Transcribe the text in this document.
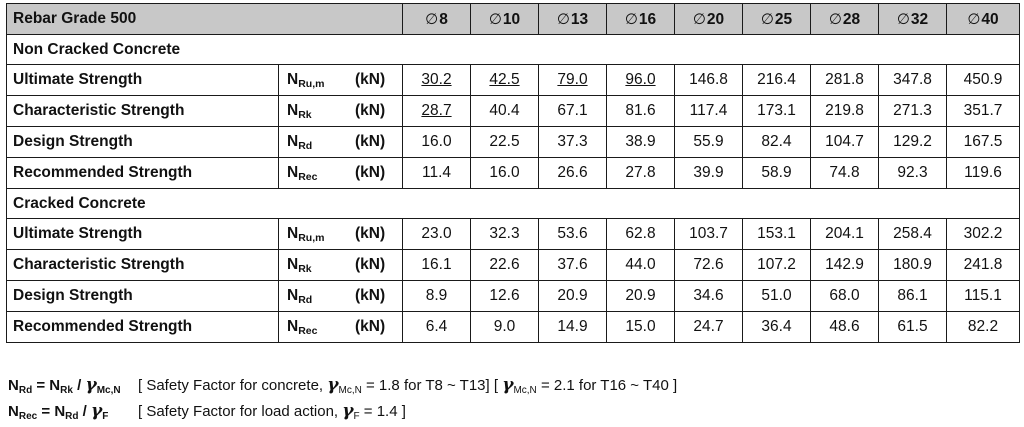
Rebar Grade 500		∅8	∅10	∅13	∅16	∅20	∅25	∅28	∅32	∅40
Non Cracked Concrete										
Ultimate Strength	NRu,m (kN)	30.2	42.5	79.0	96.0	146.8	216.4	281.8	347.8	450.9
Characteristic Strength	NRk (kN)	28.7	40.4	67.1	81.6	117.4	173.1	219.8	271.3	351.7
Design Strength	NRd (kN)	16.0	22.5	37.3	38.9	55.9	82.4	104.7	129.2	167.5
Recommended Strength	NRec (kN)	11.4	16.0	26.6	27.8	39.9	58.9	74.8	92.3	119.6
Cracked Concrete										
Ultimate Strength	NRu,m (kN)	23.0	32.3	53.6	62.8	103.7	153.1	204.1	258.4	302.2
Characteristic Strength	NRk (kN)	16.1	22.6	37.6	44.0	72.6	107.2	142.9	180.9	241.8
Design Strength	NRd (kN)	8.9	12.6	20.9	20.9	34.6	51.0	68.0	86.1	115.1
Recommended Strength	NRec (kN)	6.4	9.0	14.9	15.0	24.7	36.4	48.6	61.5	82.2
$N_{Rd} = N_{Rk} / \gamma_{Mc,N}$ [ Safety Factor for concrete, $\gamma_{Mc,N} = 1.8$ for T8 ~ T13] [ $\gamma_{Mc,N} = 2.1$ for T16 ~ T40 ]
$N_{Rec} = N_{Rd} / \gamma_F$ [ Safety Factor for load action, $\gamma_F = 1.4$ ]
